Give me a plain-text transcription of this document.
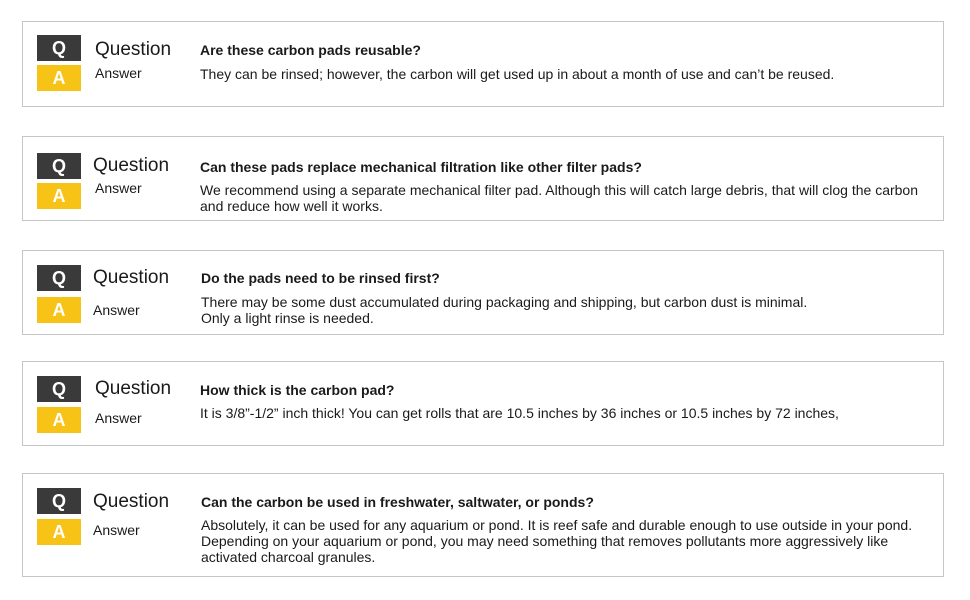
Q
A
Question
Answer
Are these carbon pads reusable?
They can be rinsed; however, the carbon will get used up in about a month of use and can’t be reused.
Q
A
Question
Answer
Can these pads replace mechanical filtration like other filter pads?
We recommend using a separate mechanical filter pad. Although this will catch large debris, that will clog the carbon and reduce how well it works.
Q
A
Question
Answer
Do the pads need to be rinsed first?
There may be some dust accumulated during packaging and shipping, but carbon dust is minimal.
Only a light rinse is needed.
Q
A
Question
Answer
How thick is the carbon pad?
It is 3/8”-1/2” inch thick! You can get rolls that are 10.5 inches by 36 inches or 10.5 inches by 72 inches,
Q
A
Question
Answer
Can the carbon be used in freshwater, saltwater, or ponds?
Absolutely, it can be used for any aquarium or pond. It is reef safe and durable enough to use outside in your pond. Depending on your aquarium or pond, you may need something that removes pollutants more aggressively like activated charcoal granules.
